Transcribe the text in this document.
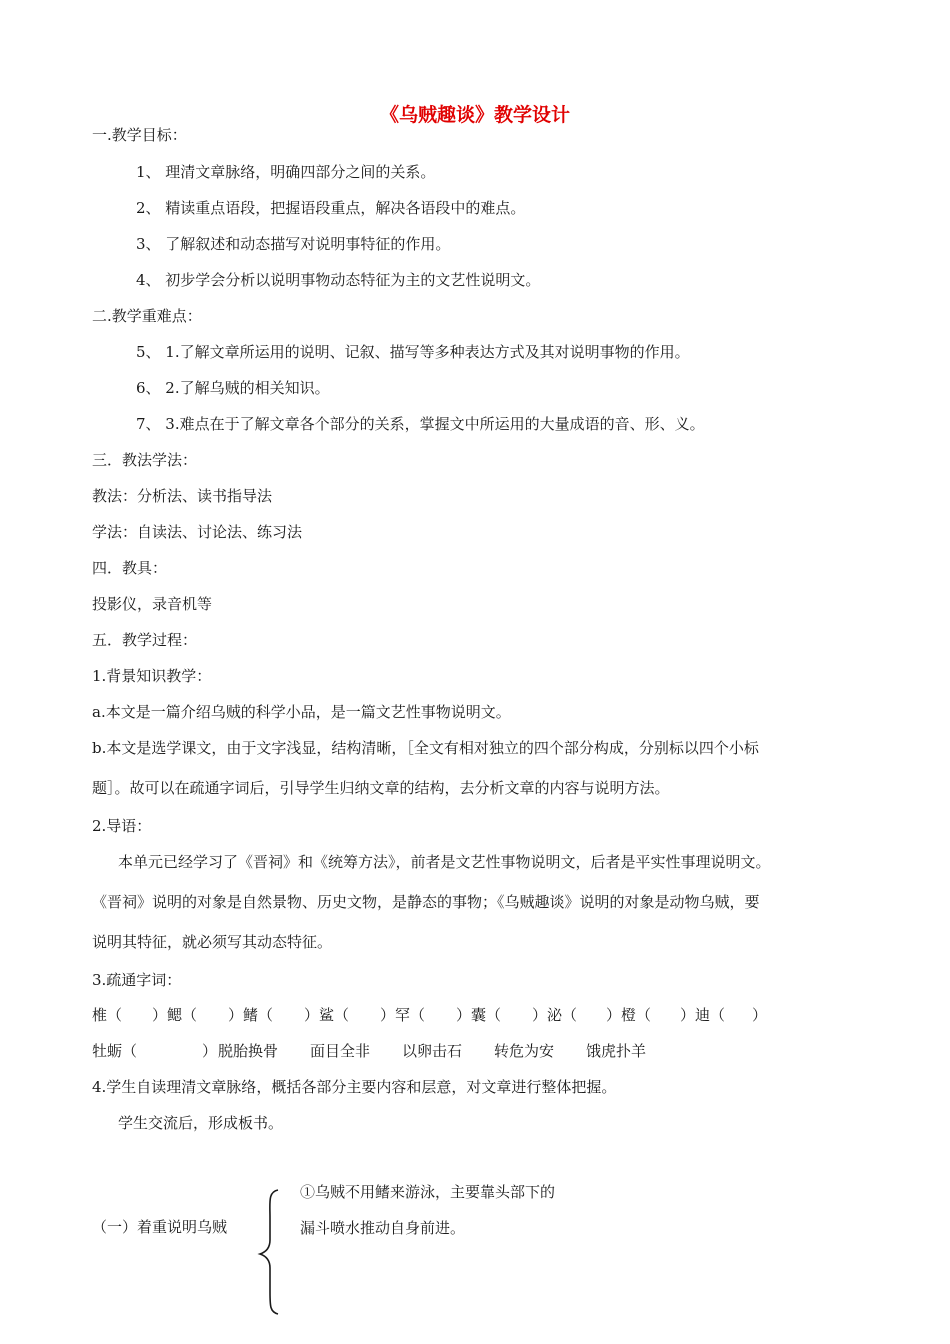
《乌贼趣谈》教学设计
一.教学目标：
1、 理清文章脉络，明确四部分之间的关系。
2、 精读重点语段，把握语段重点，解决各语段中的难点。
3、 了解叙述和动态描写对说明事特征的作用。
4、 初步学会分析以说明事物动态特征为主的文艺性说明文。
二.教学重难点：
5、 1.了解文章所运用的说明、记叙、描写等多种表达方式及其对说明事物的作用。
6、 2.了解乌贼的相关知识。
7、 3.难点在于了解文章各个部分的关系，掌握文中所运用的大量成语的音、形、义。
三．教法学法：
教法：分析法、读书指导法
学法：自读法、讨论法、练习法
四．教具：
投影仪，录音机等
五．教学过程：
1.背景知识教学：
a.本文是一篇介绍乌贼的科学小品，是一篇文艺性事物说明文。
b.本文是选学课文，由于文字浅显，结构清晰，［全文有相对独立的四个部分构成，分别标以四个小标
题］。故可以在疏通字词后，引导学生归纳文章的结构，去分析文章的内容与说明方法。
2.导语：
本单元已经学习了《晋祠》和《统筹方法》，前者是文艺性事物说明文，后者是平实性事理说明文。
《晋祠》说明的对象是自然景物、历史文物，是静态的事物；《乌贼趣谈》说明的对象是动物乌贼，要
说明其特征，就必须写其动态特征。
3.疏通字词：
椎（ ）鳃（ ）鳍（ ）鲨（ ）罕（ ）囊（ ）泌（ ）橙（ ）迪（ ）
牡蛎（	） 脱胎换骨 面目全非 以卵击石 转危为安 饿虎扑羊
4.学生自读理清文章脉络，概括各部分主要内容和层意，对文章进行整体把握。
学生交流后，形成板书。
（一）着重说明乌贼
①乌贼不用鳍来游泳，主要靠头部下的
漏斗喷水推动自身前进。
